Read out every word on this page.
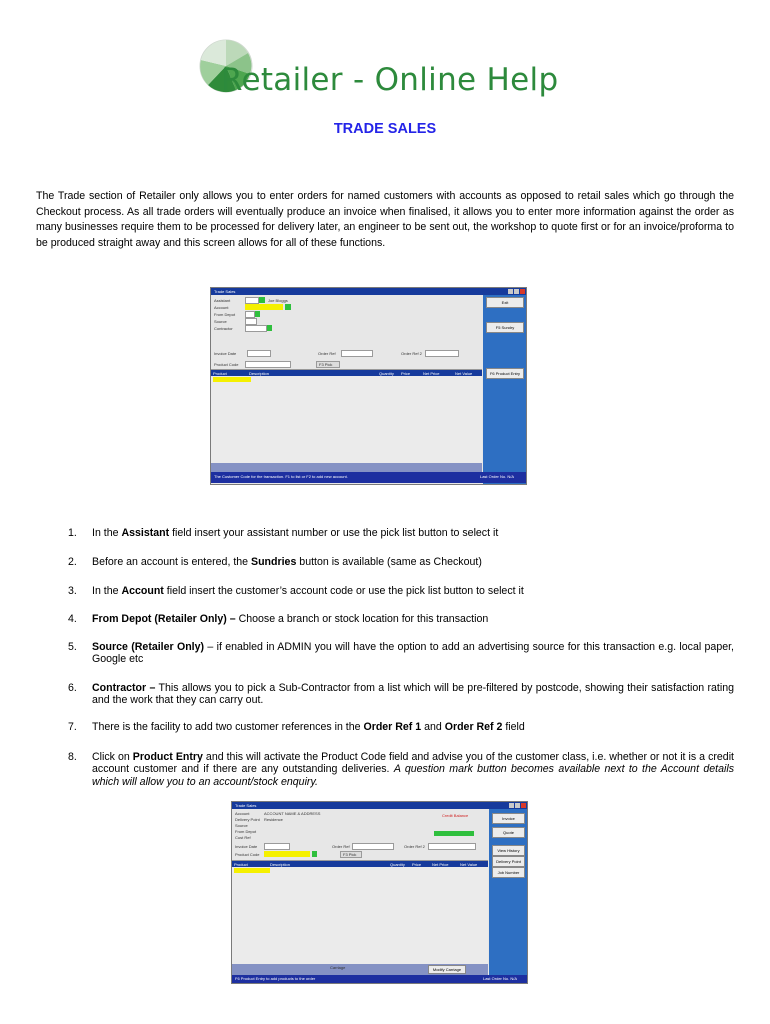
Retailer - Online Help
TRADE SALES
The Trade section of Retailer only allows you to enter orders for named customers with accounts as opposed to retail sales which go through the Checkout process. As all trade orders will eventually produce an invoice when finalised, it allows you to enter more information against the order as many businesses require them to be processed for delivery later, an engineer to be sent out, the workshop to quote first or for an invoice/proforma to be produced straight away and this screen allows for all of these functions.
Trade Sales
Exit
F5 Sundry
F6 Product Entry
Assistant
Account
From Depot
Source
Contractor
Joe Bloggs
Invoice Date	Order Ref	Order Ref 2
Product Code	F3 Pick
Product	Description	Quantity Price	Net Price	Net Value
The Customer Code for the transaction. F1 to list or F2 to add new account.	Last Order No. N/A
1. In the Assistant field insert your assistant number or use the pick list button to select it
2. Before an account is entered, the Sundries button is available (same as Checkout)
3. In the Account field insert the customer’s account code or use the pick list button to select it
4. From Depot (Retailer Only) – Choose a branch or stock location for this transaction
5. Source (Retailer Only) – if enabled in ADMIN you will have the option to add an advertising source for this transaction e.g. local paper, Google etc
6. Contractor – This allows you to pick a Sub-Contractor from a list which will be pre-filtered by postcode, showing their satisfaction rating and the work that they can carry out.
7. There is the facility to add two customer references in the Order Ref 1 and Order Ref 2 field
8. Click on Product Entry and this will activate the Product Code field and advise you of the customer class, i.e. whether or not it is a credit account customer and if there are any outstanding deliveries. A question mark button becomes available next to the Account details which will allow you to an account/stock enquiry.
Trade Sales
Invoice
Quote
View History
Delivery Point
Job Number
Account
Delivery Point
Source
From Depot
Cust Ref
ACCOUNT NAME & ADDRESS
Residence
Credit Balance
Invoice Date	Order Ref	Order Ref 2
Product Code	F3 Pick
Product	Description	Quantity Price	Net Price	Net Value
Carriage	Modify Carriage
F6 Product Entry to add products to the order	Last Order No. N/A
